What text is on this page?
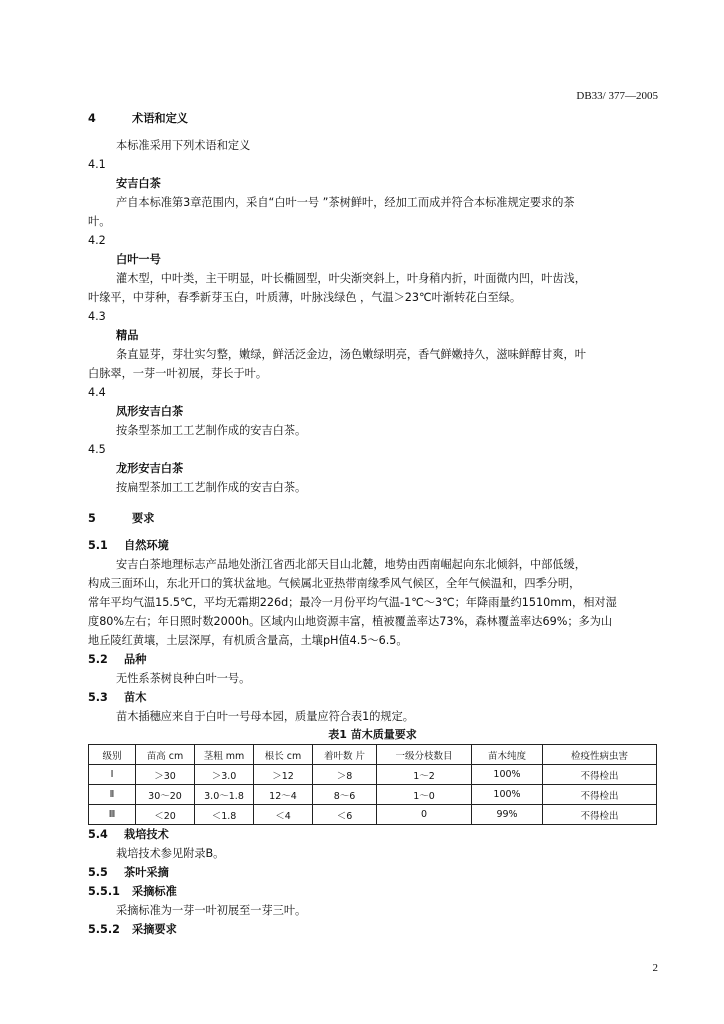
DB33/ 377—2005
4	术语和定义
本标准采用下列术语和定义
4.1
安吉白茶
产自本标准第3章范围内，采自“白叶一号 ”茶树鲜叶，经加工而成并符合本标准规定要求的茶
叶。
4.2
白叶一号
灌木型，中叶类，主干明显，叶长椭圆型，叶尖渐突斜上，叶身稍内折，叶面微内凹，叶齿浅，
叶缘平，中芽种，春季新芽玉白，叶质薄，叶脉浅绿色 ，气温＞23℃叶渐转花白至绿。
4.3
精品
条直显芽，芽壮实匀整，嫩绿，鲜活泛金边，汤色嫩绿明亮，香气鲜嫩持久，滋味鲜醇甘爽，叶
白脉翠，一芽一叶初展，芽长于叶。
4.4
凤形安吉白茶
按条型茶加工工艺制作成的安吉白茶。
4.5
龙形安吉白茶
按扁型茶加工工艺制作成的安吉白茶。
5	要求
5.1 自然环境
安吉白茶地理标志产品地处浙江省西北部天目山北麓，地势由西南崛起向东北倾斜，中部低缓，
构成三面环山，东北开口的箕状盆地。气候属北亚热带南缘季风气候区，全年气候温和，四季分明，
常年平均气温15.5℃，平均无霜期226d；最冷一月份平均气温-1℃～3℃；年降雨量约1510mm，相对湿
度80%左右；年日照时数2000h。区域内山地资源丰富，植被覆盖率达73%，森林覆盖率达69%；多为山
地丘陵红黄壤，土层深厚，有机质含量高，土壤pH值4.5～6.5。
5.2 品种
无性系茶树良种白叶一号。
5.3 苗木
苗木插穗应来自于白叶一号母本园，质量应符合表1的规定。
表1 苗木质量要求
级别	苗高 cm	茎粗 mm	根长 cm	着叶数 片	一级分枝数目	苗木纯度	检疫性病虫害
Ⅰ	＞30	＞3.0	＞12	＞8	1～2	100%	不得检出
Ⅱ	30～20	3.0～1.8	12～4	8～6	1～0	100%	不得检出
Ⅲ	＜20	＜1.8	＜4	＜6	0	99%	不得检出
5.4 栽培技术
栽培技术参见附录B。
5.5 茶叶采摘
5.5.1 采摘标准
采摘标准为一芽一叶初展至一芽三叶。
5.5.2 采摘要求
2
